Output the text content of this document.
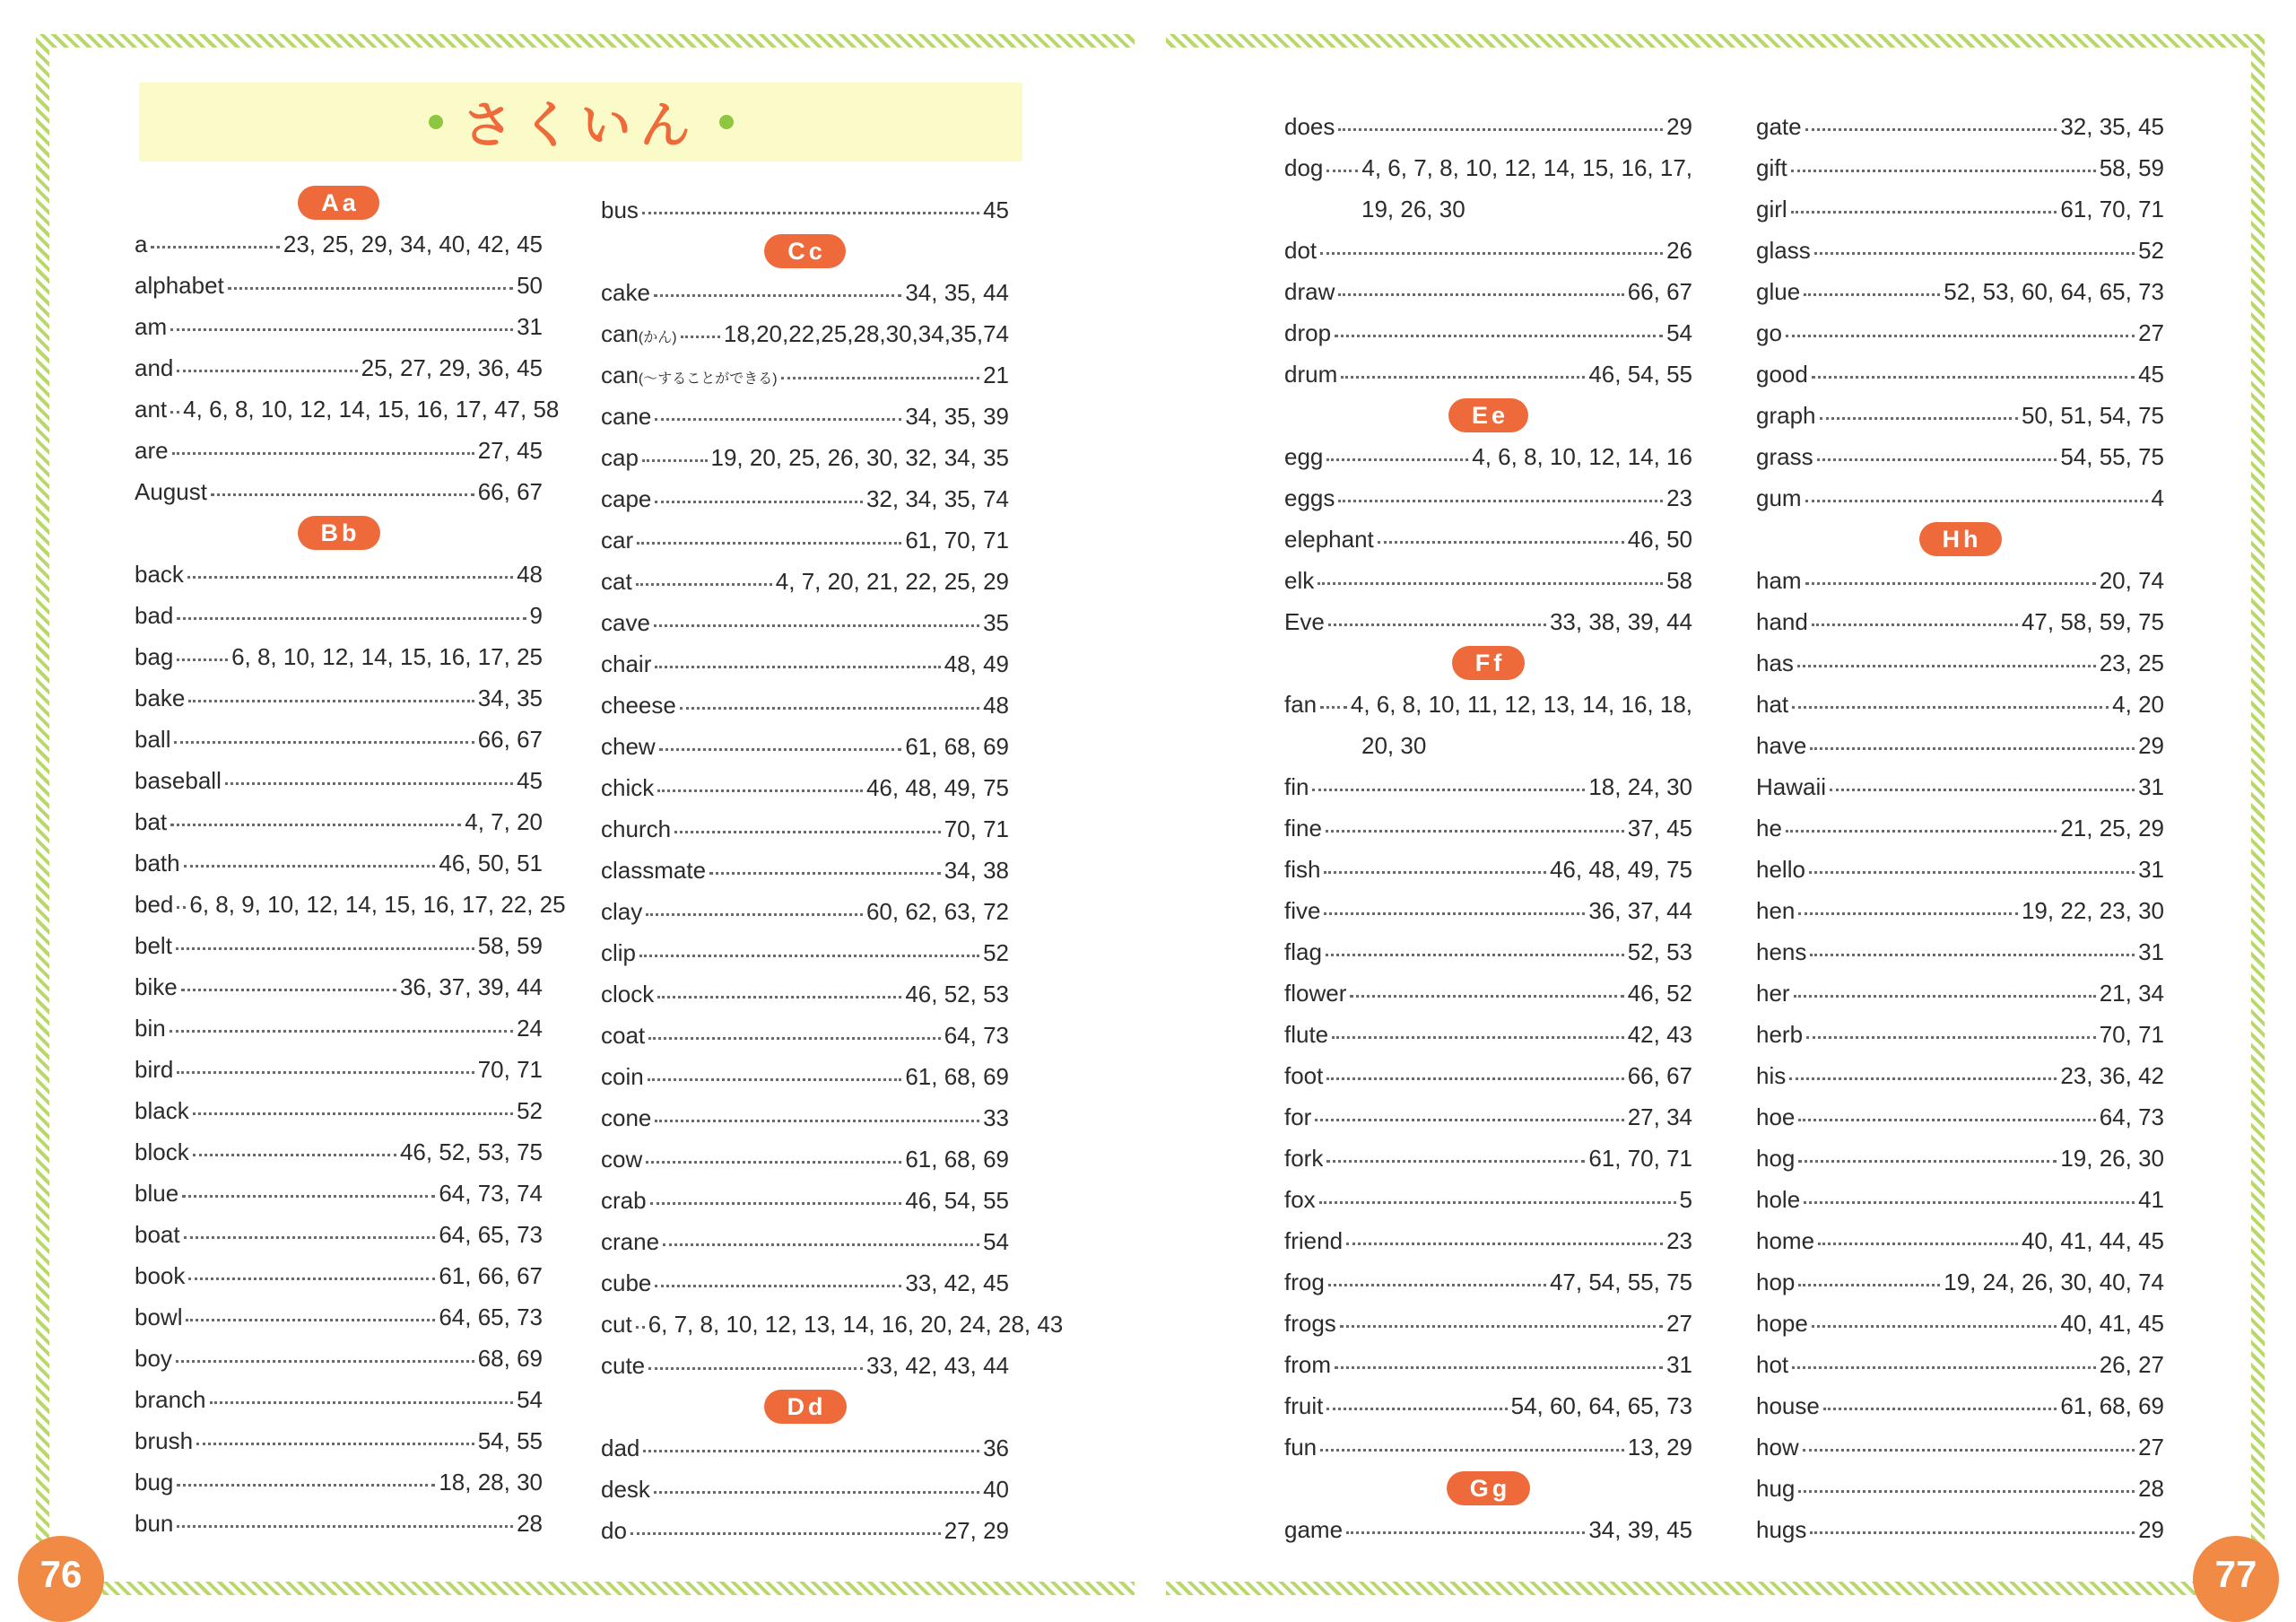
さくいん
Aa
a	23, 25, 29, 34, 40, 42, 45
alphabet	50
am	31
and	25, 27, 29, 36, 45
ant 4, 6, 8, 10, 12, 14, 15, 16, 17, 47, 58
are	27, 45
August	66, 67
Bb
back	48
bad	9
bag 6, 8, 10, 12, 14, 15, 16, 17, 25
bake	34, 35
ball	66, 67
baseball	45
bat	4, 7, 20
bath	46, 50, 51
bed 6, 8, 9, 10, 12, 14, 15, 16, 17, 22, 25
belt	58, 59
bike	36, 37, 39, 44
bin	24
bird	70, 71
black	52
block	46, 52, 53, 75
blue	64, 73, 74
boat	64, 65, 73
book	61, 66, 67
bowl	64, 65, 73
boy	68, 69
branch	54
brush	54, 55
bug	18, 28, 30
bun	28
bus	45
Cc
cake	34, 35, 44
can(かん) 18,20,22,25,28,30,34,35,74
can(～することができる)	21
cane	34, 35, 39
cap	19, 20, 25, 26, 30, 32, 34, 35
cape	32, 34, 35, 74
car	61, 70, 71
cat	4, 7, 20, 21, 22, 25, 29
cave	35
chair	48, 49
cheese	48
chew	61, 68, 69
chick	46, 48, 49, 75
church	70, 71
classmate	34, 38
clay	60, 62, 63, 72
clip	52
clock	46, 52, 53
coat	64, 73
coin	61, 68, 69
cone	33
cow	61, 68, 69
crab	46, 54, 55
crane	54
cube	33, 42, 45
cut 6, 7, 8, 10, 12, 13, 14, 16, 20, 24, 28, 43
cute	33, 42, 43, 44
Dd
dad	36
desk	40
do	27, 29
does	29
dog 4, 6, 7, 8, 10, 12, 14, 15, 16, 17,
19, 26, 30
dot	26
draw	66, 67
drop	54
drum	46, 54, 55
Ee
egg	4, 6, 8, 10, 12, 14, 16
eggs	23
elephant	46, 50
elk	58
Eve	33, 38, 39, 44
Ff
fan 4, 6, 8, 10, 11, 12, 13, 14, 16, 18,
20, 30
fin	18, 24, 30
fine	37, 45
fish	46, 48, 49, 75
five	36, 37, 44
flag	52, 53
flower	46, 52
flute	42, 43
foot	66, 67
for	27, 34
fork	61, 70, 71
fox	5
friend	23
frog	47, 54, 55, 75
frogs	27
from	31
fruit	54, 60, 64, 65, 73
fun	13, 29
Gg
game	34, 39, 45
gate	32, 35, 45
gift	58, 59
girl	61, 70, 71
glass	52
glue	52, 53, 60, 64, 65, 73
go	27
good	45
graph	50, 51, 54, 75
grass	54, 55, 75
gum	4
Hh
ham	20, 74
hand	47, 58, 59, 75
has	23, 25
hat	4, 20
have	29
Hawaii	31
he	21, 25, 29
hello	31
hen	19, 22, 23, 30
hens	31
her	21, 34
herb	70, 71
his	23, 36, 42
hoe	64, 73
hog	19, 26, 30
hole	41
home	40, 41, 44, 45
hop	19, 24, 26, 30, 40, 74
hope	40, 41, 45
hot	26, 27
house	61, 68, 69
how	27
hug	28
hugs	29
76	77
